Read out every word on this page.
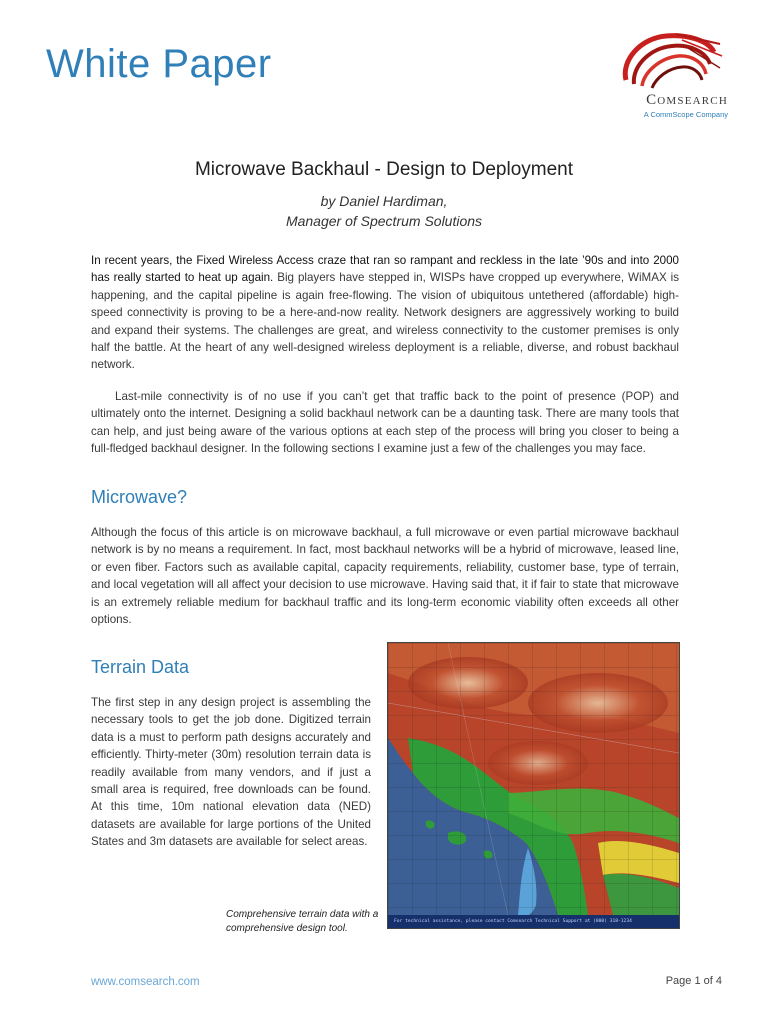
White Paper
Comsearch
A CommScope Company
Microwave Backhaul - Design to Deployment
by Daniel Hardiman,
Manager of Spectrum Solutions
In recent years, the Fixed Wireless Access craze that ran so rampant and reckless in the late ’90s and into 2000 has really started to heat up again. Big players have stepped in, WISPs have cropped up everywhere, WiMAX is happening, and the capital pipeline is again free-flowing. The vision of ubiquitous untethered (affordable) high-speed connectivity is proving to be a here-and-now reality. Network designers are aggressively working to build and expand their systems. The challenges are great, and wireless connectivity to the customer premises is only half the battle. At the heart of any well-designed wireless deployment is a reliable, diverse, and robust backhaul network.
Last-mile connectivity is of no use if you can’t get that traffic back to the point of presence (POP) and ultimately onto the internet. Designing a solid backhaul network can be a daunting task. There are many tools that can help, and just being aware of the various options at each step of the process will bring you closer to being a full-fledged backhaul designer. In the following sections I examine just a few of the challenges you may face.
Microwave?
Although the focus of this article is on microwave backhaul, a full microwave or even partial microwave backhaul network is by no means a requirement. In fact, most backhaul networks will be a hybrid of microwave, leased line, or even fiber. Factors such as available capital, capacity requirements, reliability, customer base, type of terrain, and local vegetation will all affect your decision to use microwave. Having said that, it if fair to state that microwave is an extremely reliable medium for backhaul traffic and its long-term economic viability often exceeds all other options.
Terrain Data
The first step in any design project is assembling the necessary tools to get the job done. Digitized terrain data is a must to perform path designs accurately and efficiently. Thirty-meter (30m) resolution terrain data is readily available from many vendors, and if just a small area is required, free downloads can be found. At this time, 10m national elevation data (NED) datasets are available for large portions of the United States and 3m datasets are available for select areas.
For technical assistance, please contact Comsearch Technical Support at (800) 318-1234
Comprehensive terrain data with a comprehensive design tool.
www.comsearch.com	Page 1 of 4
